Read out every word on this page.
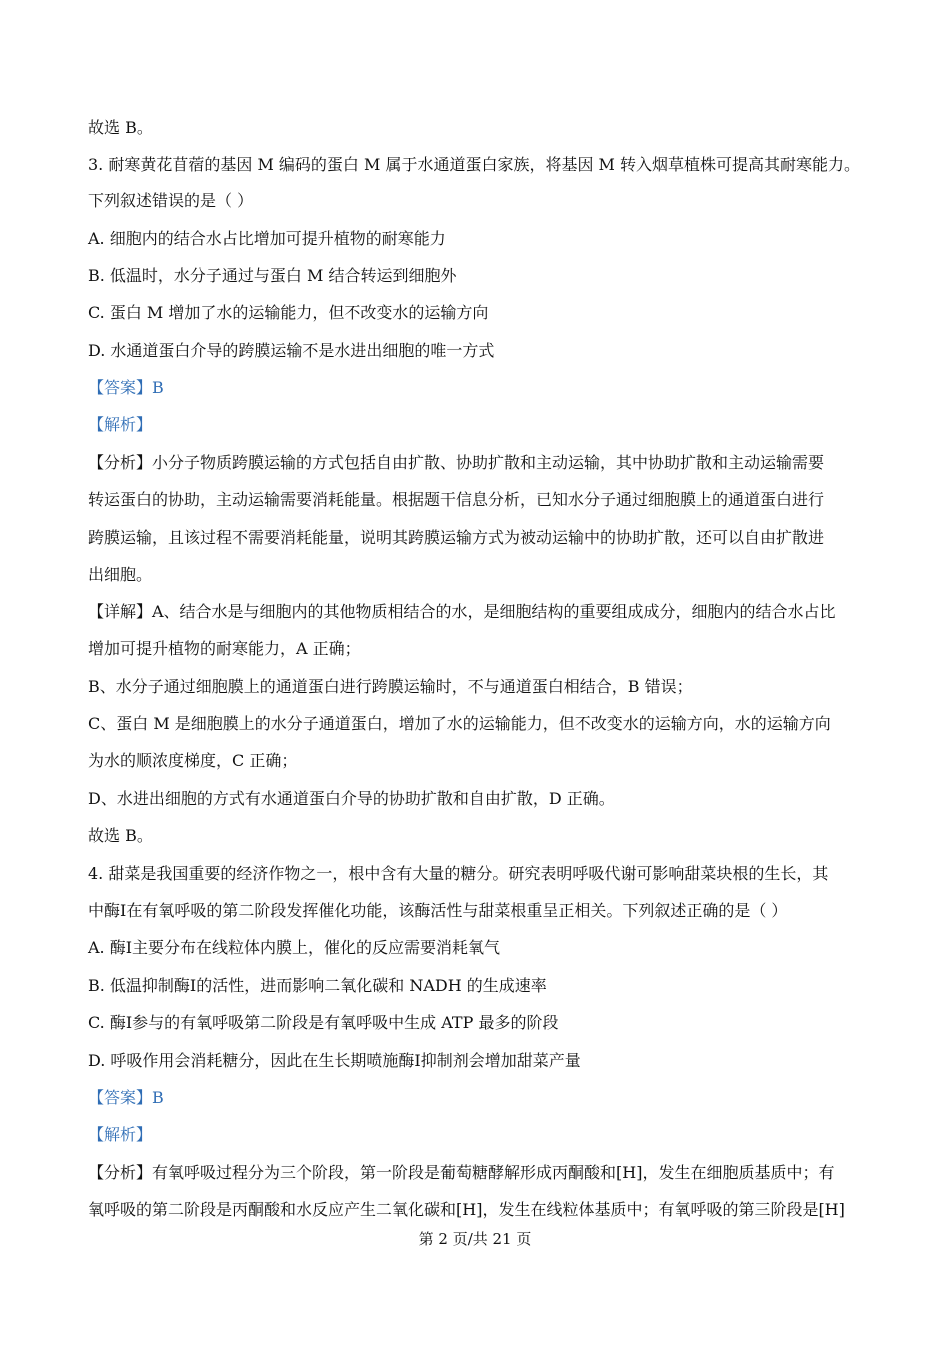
故选 B。
3. 耐寒黄花苜蓿的基因 M 编码的蛋白 M 属于水通道蛋白家族，将基因 M 转入烟草植株可提高其耐寒能力。
下列叙述错误的是（ ）
A. 细胞内的结合水占比增加可提升植物的耐寒能力
B. 低温时，水分子通过与蛋白 M 结合转运到细胞外
C. 蛋白 M 增加了水的运输能力，但不改变水的运输方向
D. 水通道蛋白介导的跨膜运输不是水进出细胞的唯一方式
【答案】B
【解析】
【分析】小分子物质跨膜运输的方式包括自由扩散、协助扩散和主动运输，其中协助扩散和主动运输需要
转运蛋白的协助，主动运输需要消耗能量。根据题干信息分析，已知水分子通过细胞膜上的通道蛋白进行
跨膜运输，且该过程不需要消耗能量，说明其跨膜运输方式为被动运输中的协助扩散，还可以自由扩散进
出细胞。
【详解】A、结合水是与细胞内的其他物质相结合的水，是细胞结构的重要组成成分，细胞内的结合水占比
增加可提升植物的耐寒能力，A 正确；
B、水分子通过细胞膜上的通道蛋白进行跨膜运输时，不与通道蛋白相结合，B 错误；
C、蛋白 M 是细胞膜上的水分子通道蛋白，增加了水的运输能力，但不改变水的运输方向，水的运输方向
为水的顺浓度梯度，C 正确；
D、水进出细胞的方式有水通道蛋白介导的协助扩散和自由扩散，D 正确。
故选 B。
4. 甜菜是我国重要的经济作物之一，根中含有大量的糖分。研究表明呼吸代谢可影响甜菜块根的生长，其
中酶Ⅰ在有氧呼吸的第二阶段发挥催化功能，该酶活性与甜菜根重呈正相关。下列叙述正确的是（ ）
A. 酶Ⅰ主要分布在线粒体内膜上，催化的反应需要消耗氧气
B. 低温抑制酶Ⅰ的活性，进而影响二氧化碳和 NADH 的生成速率
C. 酶Ⅰ参与的有氧呼吸第二阶段是有氧呼吸中生成 ATP 最多的阶段
D. 呼吸作用会消耗糖分，因此在生长期喷施酶Ⅰ抑制剂会增加甜菜产量
【答案】B
【解析】
【分析】有氧呼吸过程分为三个阶段，第一阶段是葡萄糖酵解形成丙酮酸和[H]，发生在细胞质基质中；有
氧呼吸的第二阶段是丙酮酸和水反应产生二氧化碳和[H]，发生在线粒体基质中；有氧呼吸的第三阶段是[H]
第 2 页/共 21 页
